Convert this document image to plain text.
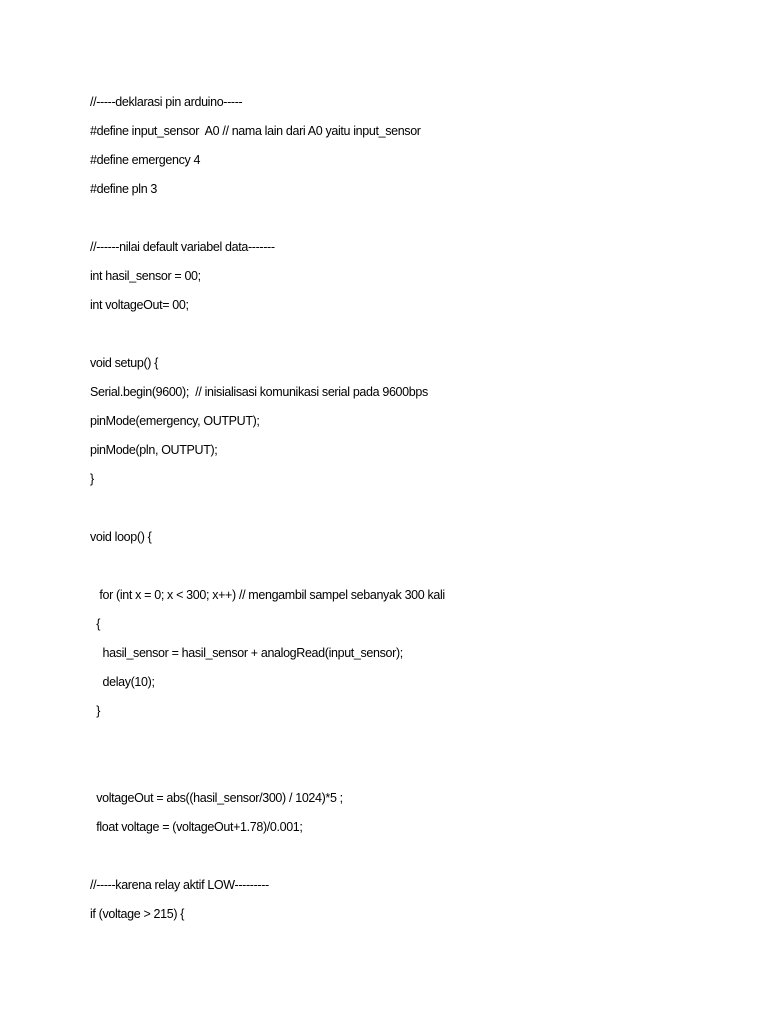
//-----deklarasi pin arduino-----
#define input_sensor  A0 // nama lain dari A0 yaitu input_sensor
#define emergency 4
#define pln 3
//------nilai default variabel data-------
int hasil_sensor = 00;
int voltageOut= 00;
void setup() {
Serial.begin(9600);  // inisialisasi komunikasi serial pada 9600bps
pinMode(emergency, OUTPUT);
pinMode(pln, OUTPUT);
}
void loop() {
for (int x = 0; x < 300; x++) // mengambil sampel sebanyak 300 kali
{
hasil_sensor = hasil_sensor + analogRead(input_sensor);
delay(10);
}
voltageOut = abs((hasil_sensor/300) / 1024)*5 ;
float voltage = (voltageOut+1.78)/0.001;
//-----karena relay aktif LOW---------
if (voltage > 215) {
